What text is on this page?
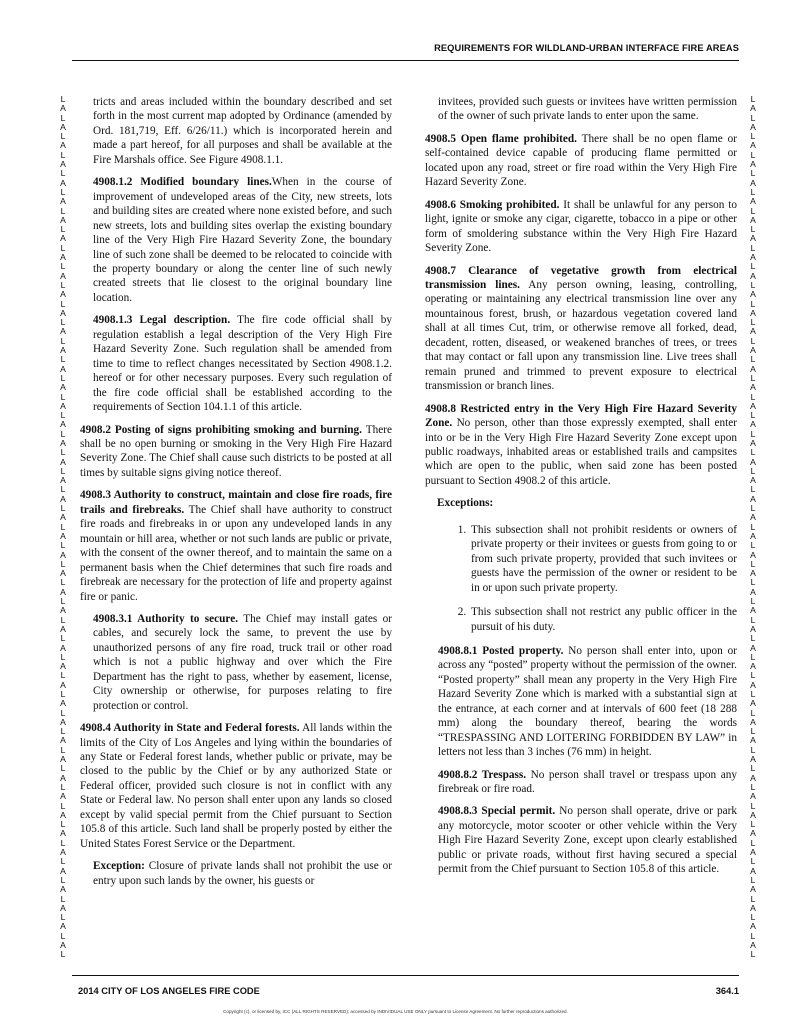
REQUIREMENTS FOR WILDLAND-URBAN INTERFACE FIRE AREAS
L
A
L
A
L
A
L
A
L
A
L
A
L
A
L
A
L
A
L
A
L
A
L
A
L
A
L
A
L
A
L
A
L
A
L
A
L
A
L
A
L
A
L
A
L
A
L
A
L
A
L
A
L
A
L
A
L
A
L
A
L
A
L
A
L
A
L
A
L
A
L
A
L
A
L
A
L
A
L
A
L
A
L
A
L
A
L
A
L
A
L
A
L

tricts and areas included within the boundary described and set forth in the most current map adopted by Ordinance (amended by Ord. 181,719, Eff. 6/26/11.) which is incorporated herein and made a part hereof, for all purposes and shall be available at the Fire Marshals office. See Figure 4908.1.1.

4908.1.2 Modified boundary lines.When in the course of improvement of undeveloped areas of the City, new streets, lots and building sites are created where none existed before, and such new streets, lots and building sites overlap the existing boundary line of the Very High Fire Hazard Severity Zone, the boundary line of such zone shall be deemed to be relocated to coincide with the property boundary or along the center line of such newly created streets that lie closest to the original boundary line location.

4908.1.3 Legal description. The fire code official shall by regulation establish a legal description of the Very High Fire Hazard Severity Zone. Such regulation shall be amended from time to time to reflect changes necessitated by Section 4908.1.2. hereof or for other necessary purposes. Every such regulation of the fire code official shall be established according to the requirements of Section 104.1.1 of this article.

4908.2 Posting of signs prohibiting smoking and burning. There shall be no open burning or smoking in the Very High Fire Hazard Severity Zone. The Chief shall cause such districts to be posted at all times by suitable signs giving notice thereof.

4908.3 Authority to construct, maintain and close fire roads, fire trails and firebreaks. The Chief shall have authority to construct fire roads and firebreaks in or upon any undeveloped lands in any mountain or hill area, whether or not such lands are public or private, with the consent of the owner thereof, and to maintain the same on a permanent basis when the Chief determines that such fire roads and firebreak are necessary for the protection of life and property against fire or panic.

4908.3.1 Authority to secure. The Chief may install gates or cables, and securely lock the same, to prevent the use by unauthorized persons of any fire road, truck trail or other road which is not a public highway and over which the Fire Department has the right to pass, whether by easement, license, City ownership or otherwise, for purposes relating to fire protection or control.

4908.4 Authority in State and Federal forests. All lands within the limits of the City of Los Angeles and lying within the boundaries of any State or Federal forest lands, whether public or private, may be closed to the public by the Chief or by any authorized State or Federal officer, provided such closure is not in conflict with any State or Federal law. No person shall enter upon any lands so closed except by valid special permit from the Chief pursuant to Section 105.8 of this article. Such land shall be properly posted by either the United States Forest Service or the Department.

Exception: Closure of private lands shall not prohibit the use or entry upon such lands by the owner, his guests or

invitees, provided such guests or invitees have written permission of the owner of such private lands to enter upon the same.

4908.5 Open flame prohibited. There shall be no open flame or self-contained device capable of producing flame permitted or located upon any road, street or fire road within the Very High Fire Hazard Severity Zone.

4908.6 Smoking prohibited. It shall be unlawful for any person to light, ignite or smoke any cigar, cigarette, tobacco in a pipe or other form of smoldering substance within the Very High Fire Hazard Severity Zone.

4908.7 Clearance of vegetative growth from electrical transmission lines. Any person owning, leasing, controlling, operating or maintaining any electrical transmission line over any mountainous forest, brush, or hazardous vegetation covered land shall at all times Cut, trim, or otherwise remove all forked, dead, decadent, rotten, diseased, or weakened branches of trees, or trees that may contact or fall upon any transmission line. Live trees shall remain pruned and trimmed to prevent exposure to electrical transmission or branch lines.

4908.8 Restricted entry in the Very High Fire Hazard Severity Zone. No person, other than those expressly exempted, shall enter into or be in the Very High Fire Hazard Severity Zone except upon public roadways, inhabited areas or established trails and campsites which are open to the public, when said zone has been posted pursuant to Section 4908.2 of this article.

Exceptions:

1. This subsection shall not prohibit residents or owners of private property or their invitees or guests from going to or from such private property, provided that such invitees or guests have the permission of the owner or resident to be in or upon such private property.
2. This subsection shall not restrict any public officer in the pursuit of his duty.

4908.8.1 Posted property. No person shall enter into, upon or across any “posted” property without the permission of the owner. “Posted property” shall mean any property in the Very High Fire Hazard Severity Zone which is marked with a substantial sign at the entrance, at each corner and at intervals of 600 feet (18 288 mm) along the boundary thereof, bearing the words “TRESPASSING AND LOITERING FORBIDDEN BY LAW” in letters not less than 3 inches (76 mm) in height.

4908.8.2 Trespass. No person shall travel or trespass upon any firebreak or fire road.

4908.8.3 Special permit. No person shall operate, drive or park any motorcycle, motor scooter or other vehicle within the Very High Fire Hazard Severity Zone, except upon clearly established public or private roads, without first having secured a special permit from the Chief pursuant to Section 105.8 of this article.

L
A
L
A
L
A
L
A
L
A
L
A
L
A
L
A
L
A
L
A
L
A
L
A
L
A
L
A
L
A
L
A
L
A
L
A
L
A
L
A
L
A
L
A
L
A
L
A
L
A
L
A
L
A
L
A
L
A
L
A
L
A
L
A
L
A
L
A
L
A
L
A
L
A
L
A
L
A
L
A
L
A
L
A
L
A
L
A
L
A
L
A
L
2014 CITY OF LOS ANGELES FIRE CODE	364.1
Copyright (c), or licensed by, ICC (ALL RIGHTS RESERVED); accessed by INDIVIDUAL USE ONLY pursuant to License Agreement. No further reproductions authorized.
